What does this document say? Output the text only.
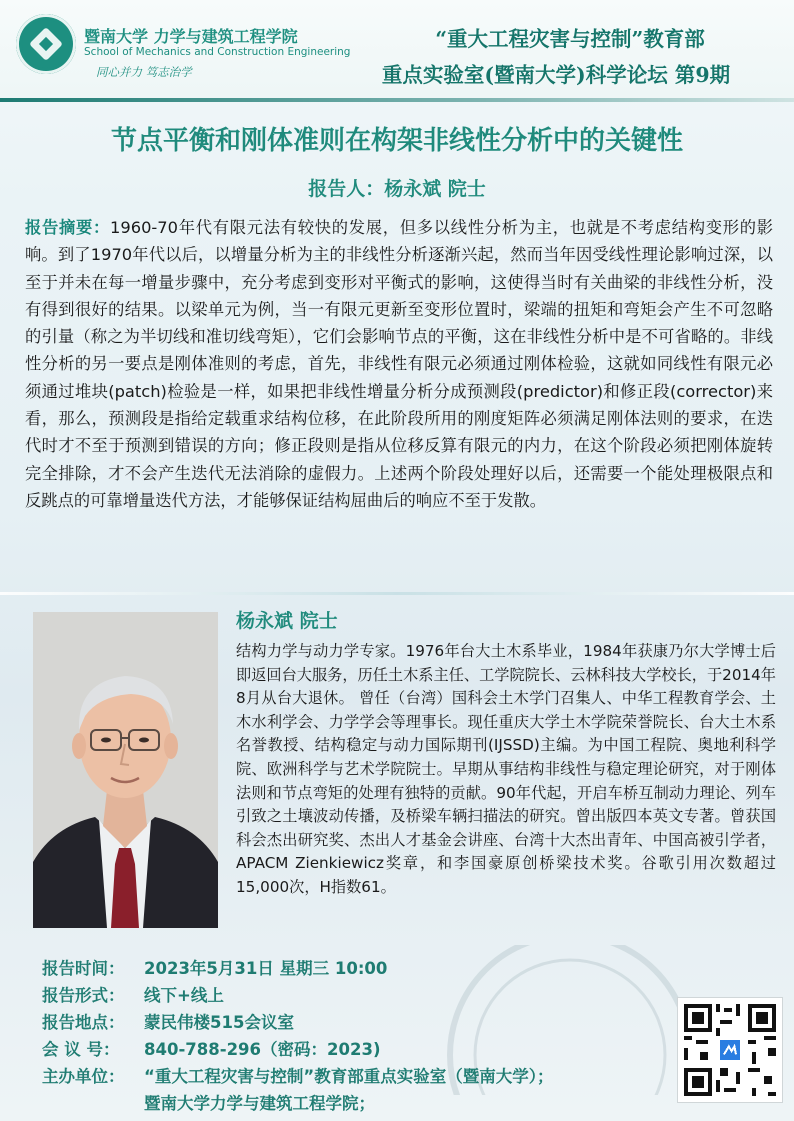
暨南大学 力学与建筑工程学院
School of Mechanics and Construction Engineering
同心并力 笃志治学
“重大工程灾害与控制”教育部
重点实验室(暨南大学)科学论坛 第9期
节点平衡和刚体准则在构架非线性分析中的关键性
报告人：杨永斌 院士
报告摘要：1960-70年代有限元法有较快的发展，但多以线性分析为主，也就是不考虑结构变形的影响。到了1970年代以后，以增量分析为主的非线性分析逐渐兴起，然而当年因受线性理论影响过深，以至于并未在每一增量步骤中，充分考虑到变形对平衡式的影响，这使得当时有关曲梁的非线性分析，没有得到很好的结果。以梁单元为例，当一有限元更新至变形位置时，梁端的扭矩和弯矩会产生不可忽略的引量（称之为半切线和准切线弯矩），它们会影响节点的平衡，这在非线性分析中是不可省略的。非线性分析的另一要点是刚体准则的考虑，首先，非线性有限元必须通过刚体检验，这就如同线性有限元必须通过堆块(patch)检验是一样，如果把非线性增量分析分成预测段(predictor)和修正段(corrector)来看，那么，预测段是指给定载重求结构位移，在此阶段所用的刚度矩阵必须满足刚体法则的要求，在迭代时才不至于预测到错误的方向；修正段则是指从位移反算有限元的内力，在这个阶段必须把刚体旋转完全排除，才不会产生迭代无法消除的虚假力。上述两个阶段处理好以后，还需要一个能处理极限点和反跳点的可靠增量迭代方法，才能够保证结构屈曲后的响应不至于发散。
杨永斌 院士
结构力学与动力学专家。1976年台大土木系毕业，1984年获康乃尔大学博士后即返回台大服务，历任土木系主任、工学院院长、云林科技大学校长，于2014年8月从台大退休。 曾任（台湾）国科会土木学门召集人、中华工程教育学会、土木水利学会、力学学会等理事长。现任重庆大学土木学院荣誉院长、台大土木系名誉教授、结构稳定与动力国际期刊(IJSSD)主编。为中国工程院、奥地利科学院、欧洲科学与艺术学院院士。早期从事结构非线性与稳定理论研究，对于刚体法则和节点弯矩的处理有独特的贡献。90年代起，开启车桥互制动力理论、列车引致之土壤波动传播，及桥梁车辆扫描法的研究。曾出版四本英文专著。曾获国科会杰出研究奖、杰出人才基金会讲座、台湾十大杰出青年、中国高被引学者，APACM Zienkiewicz奖章，和李国豪原创桥梁技术奖。谷歌引用次数超过15,000次，H指数61。
报告时间：	2023年5月31日 星期三 10:00
报告形式：	线下+线上
报告地点：	蒙民伟楼515会议室
会 议 号：	840-788-296（密码：2023)
主办单位：	“重大工程灾害与控制”教育部重点实验室（暨南大学）；
暨南大学力学与建筑工程学院；
